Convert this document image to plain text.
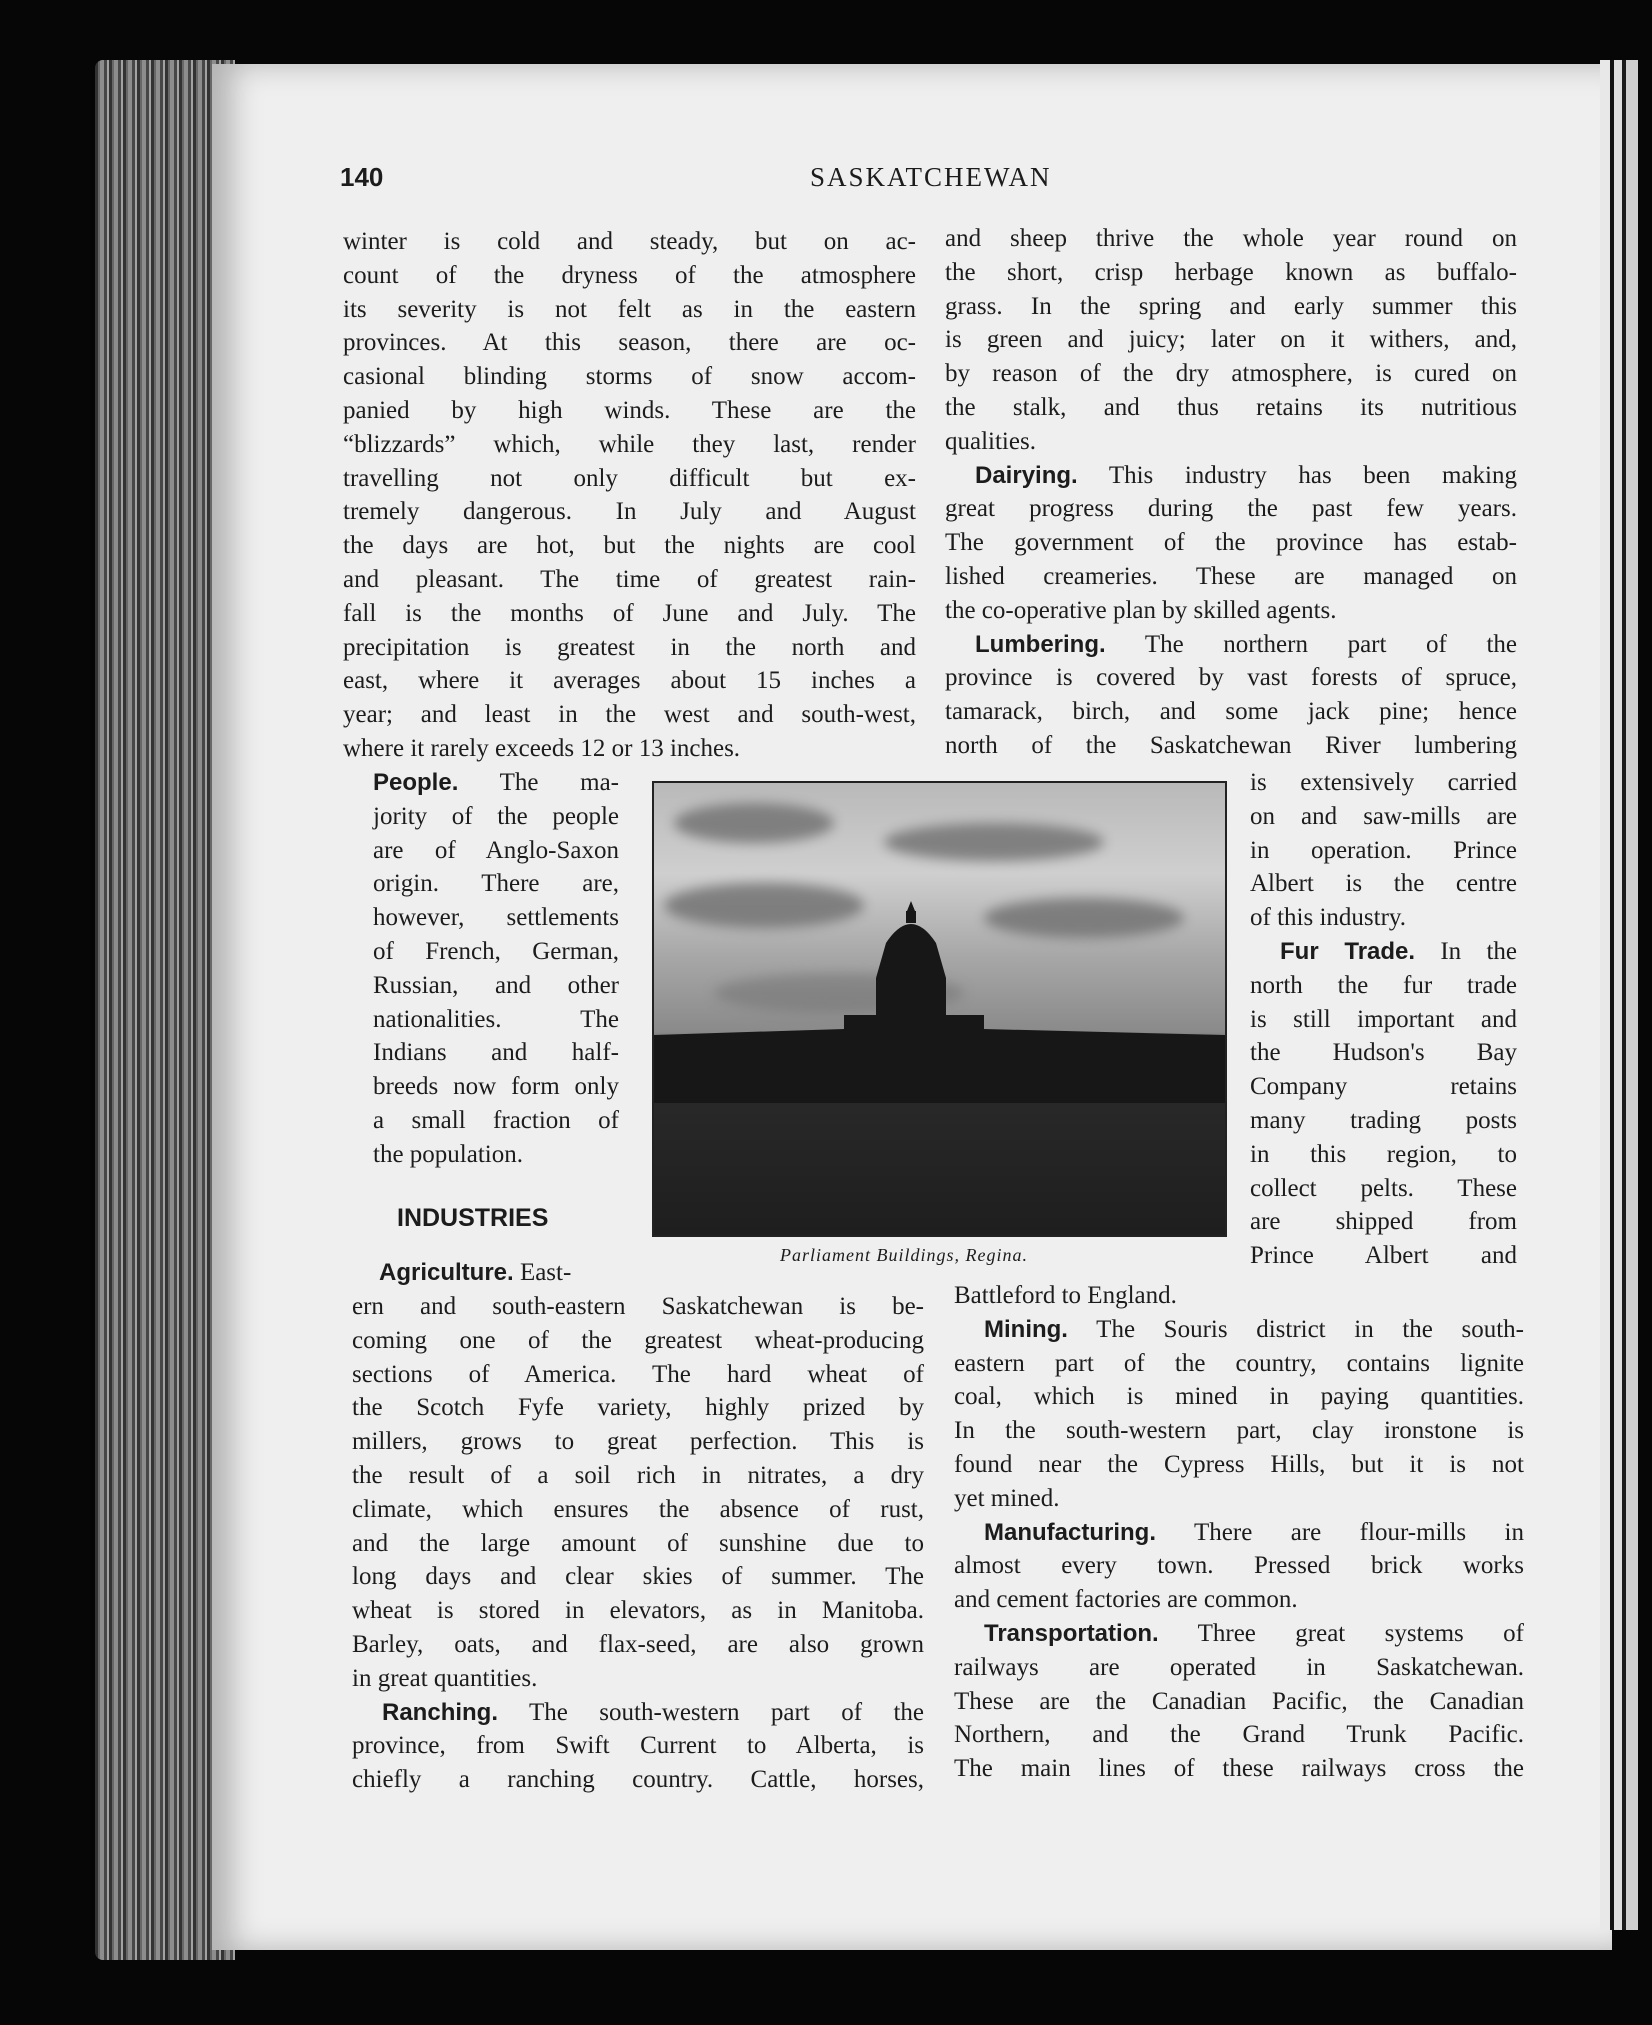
140	SASKATCHEWAN
winter is cold and steady, but on ac-
count of the dryness of the atmosphere
its severity is not felt as in the eastern
provinces. At this season, there are oc-
casional blinding storms of snow accom-
panied by high winds. These are the
“blizzards” which, while they last, render
travelling not only difficult but ex-
tremely dangerous. In July and August
the days are hot, but the nights are cool
and pleasant. The time of greatest rain-
fall is the months of June and July. The
precipitation is greatest in the north and
east, where it averages about 15 inches a
year; and least in the west and south-west,
where it rarely exceeds 12 or 13 inches.
People. The ma-
jority of the people
are of Anglo-Saxon
origin. There are,
however, settlements
of French, German,
Russian, and other
nationalities. The
Indians and half-
breeds now form only
a small fraction of
the population.
INDUSTRIES
Agriculture. East-
ern and south-eastern Saskatchewan is be-
coming one of the greatest wheat-producing
sections of America. The hard wheat of
the Scotch Fyfe variety, highly prized by
millers, grows to great perfection. This is
the result of a soil rich in nitrates, a dry
climate, which ensures the absence of rust,
and the large amount of sunshine due to
long days and clear skies of summer. The
wheat is stored in elevators, as in Manitoba.
Barley, oats, and flax-seed, are also grown
in great quantities.
Ranching. The south-western part of the
province, from Swift Current to Alberta, is
chiefly a ranching country. Cattle, horses,
and sheep thrive the whole year round on
the short, crisp herbage known as buffalo-
grass. In the spring and early summer this
is green and juicy; later on it withers, and,
by reason of the dry atmosphere, is cured on
the stalk, and thus retains its nutritious
qualities.
Dairying. This industry has been making
great progress during the past few years.
The government of the province has estab-
lished creameries. These are managed on
the co-operative plan by skilled agents.
Lumbering. The northern part of the
province is covered by vast forests of spruce,
tamarack, birch, and some jack pine; hence
north of the Saskatchewan River lumbering
is extensively carried
on and saw-mills are
in operation. Prince
Albert is the centre
of this industry.
Fur Trade. In the
north the fur trade
is still important and
the Hudson's Bay
Company retains
many trading posts
in this region, to
collect pelts. These
are shipped from
Prince Albert and
Battleford to England.
Mining. The Souris district in the south-
eastern part of the country, contains lignite
coal, which is mined in paying quantities.
In the south-western part, clay ironstone is
found near the Cypress Hills, but it is not
yet mined.
Manufacturing. There are flour-mills in
almost every town. Pressed brick works
and cement factories are common.
Transportation. Three great systems of
railways are operated in Saskatchewan.
These are the Canadian Pacific, the Canadian
Northern, and the Grand Trunk Pacific.
The main lines of these railways cross the
Parliament Buildings, Regina.
